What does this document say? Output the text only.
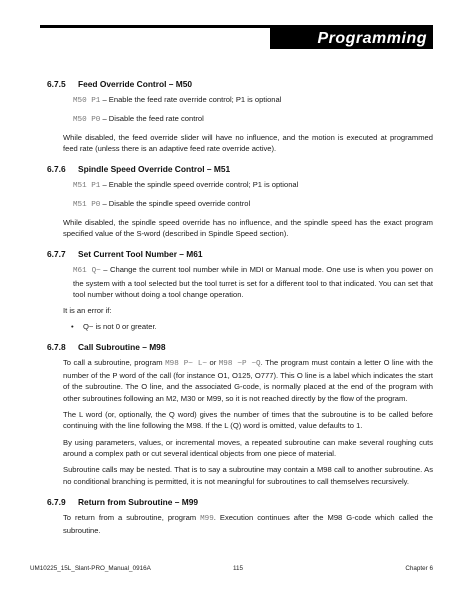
Programming
6.7.5 Feed Override Control – M50

M50 P1 – Enable the feed rate override control; P1 is optional

M50 P0 – Disable the feed rate control

While disabled, the feed override slider will have no influence, and the motion is executed at programmed feed rate (unless there is an adaptive feed rate override active).

6.7.6 Spindle Speed Override Control – M51

M51 P1 – Enable the spindle speed override control; P1 is optional

M51 P0 – Disable the spindle speed override control

While disabled, the spindle speed override has no influence, and the spindle speed has the exact program specified value of the S-word (described in Spindle Speed section).

6.7.7 Set Current Tool Number – M61

M61 Q~ – Change the current tool number while in MDI or Manual mode. One use is when you power on the system with a tool selected but the tool turret is set for a different tool to that indicated. You can set that tool number without doing a tool change operation.

It is an error if:

• Q~ is not 0 or greater.
6.7.8 Call Subroutine – M98

To call a subroutine, program M98 P~ L~ or M98 ~P ~Q. The program must contain a letter O line with the number of the P word of the call (for instance O1, O125, O777). This O line is a label which indicates the start of the subroutine. The O line, and the associated G-code, is normally placed at the end of the program with other subroutines following an M2, M30 or M99, so it is not reached directly by the flow of the program.

The L word (or, optionally, the Q word) gives the number of times that the subroutine is to be called before continuing with the line following the M98. If the L (Q) word is omitted, value defaults to 1.

By using parameters, values, or incremental moves, a repeated subroutine can make several roughing cuts around a complex path or cut several identical objects from one piece of material.

Subroutine calls may be nested. That is to say a subroutine may contain a M98 call to another subroutine. As no conditional branching is permitted, it is not meaningful for subroutines to call themselves recursively.

6.7.9 Return from Subroutine – M99

To return from a subroutine, program M99. Execution continues after the M98 G-code which called the subroutine.

UM10225_15L_Slant-PRO_Manual_0916A	115	Chapter 6
